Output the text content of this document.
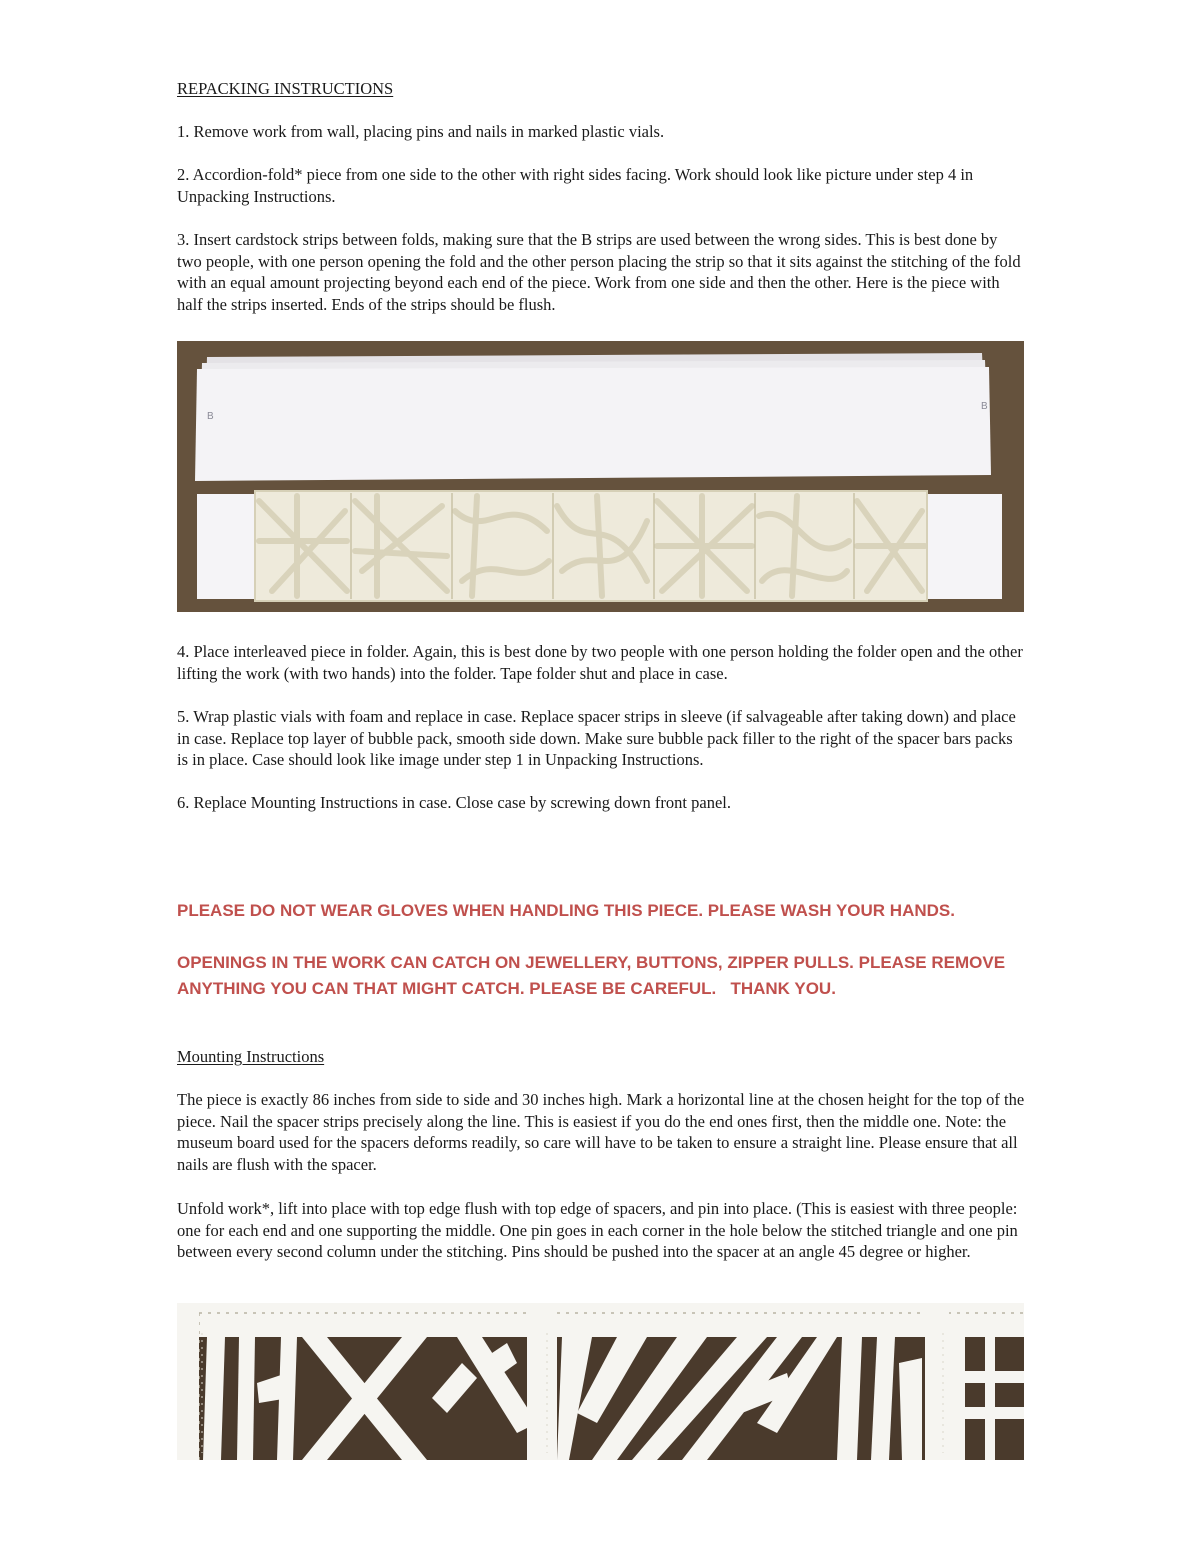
REPACKING INSTRUCTIONS

1. Remove work from wall, placing pins and nails in marked plastic vials.

2. Accordion-fold* piece from one side to the other with right sides facing. Work should look like picture under step 4 in Unpacking Instructions.

3. Insert cardstock strips between folds, making sure that the B strips are used between the wrong sides. This is best done by two people, with one person opening the fold and the other person placing the strip so that it sits against the stitching of the fold with an equal amount projecting beyond each end of the piece. Work from one side and then the other. Here is the piece with half the strips inserted. Ends of the strips should be flush.

B
B

4. Place interleaved piece in folder. Again, this is best done by two people with one person holding the folder open and the other lifting the work (with two hands) into the folder. Tape folder shut and place in case.

5. Wrap plastic vials with foam and replace in case. Replace spacer strips in sleeve (if salvageable after taking down) and place in case. Replace top layer of bubble pack, smooth side down. Make sure bubble pack filler to the right of the spacer bars packs is in place. Case should look like image under step 1 in Unpacking Instructions.

6. Replace Mounting Instructions in case. Close case by screwing down front panel.

PLEASE DO NOT WEAR GLOVES WHEN HANDLING THIS PIECE. PLEASE WASH YOUR HANDS.

OPENINGS IN THE WORK CAN CATCH ON JEWELLERY, BUTTONS, ZIPPER PULLS. PLEASE REMOVE ANYTHING YOU CAN THAT MIGHT CATCH. PLEASE BE CAREFUL.   THANK YOU.

Mounting Instructions

The piece is exactly 86 inches from side to side and 30 inches high. Mark a horizontal line at the chosen height for the top of the piece. Nail the spacer strips precisely along the line. This is easiest if you do the end ones first, then the middle one. Note: the museum board used for the spacers deforms readily, so care will have to be taken to ensure a straight line. Please ensure that all nails are flush with the spacer.

Unfold work*, lift into place with top edge flush with top edge of spacers, and pin into place. (This is easiest with three people: one for each end and one supporting the middle. One pin goes in each corner in the hole below the stitched triangle and one pin between every second column under the stitching. Pins should be pushed into the spacer at an angle 45 degree or higher.
